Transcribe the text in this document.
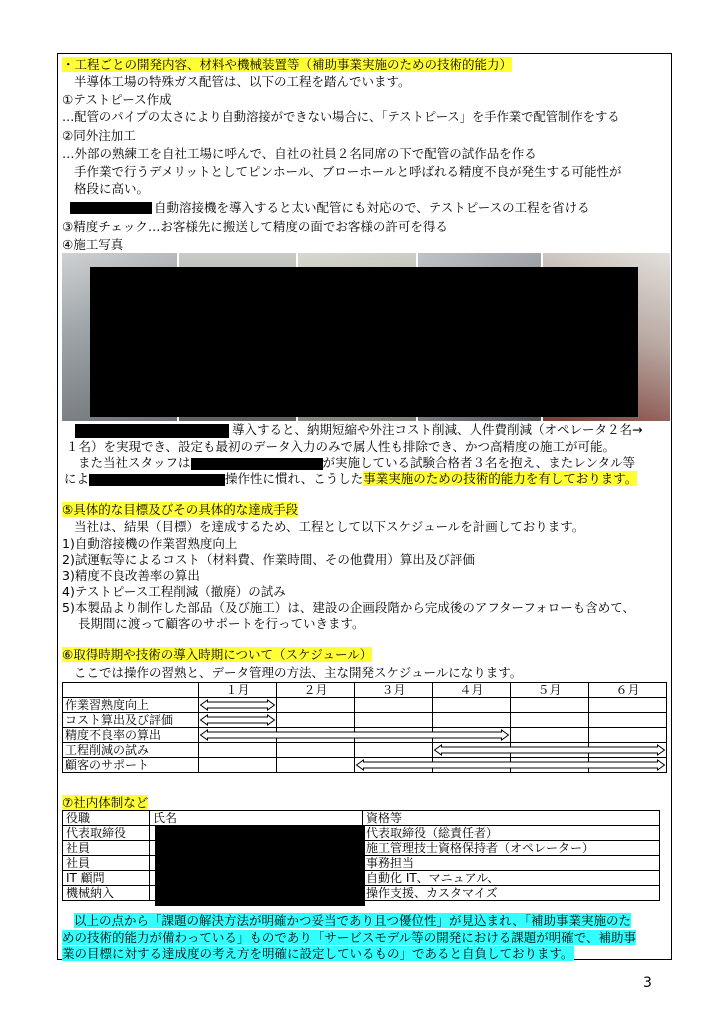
・工程ごとの開発内容、材料や機械装置等（補助事業実施のための技術的能力）
半導体工場の特殊ガス配管は、以下の工程を踏んでいます。
①テストピース作成
…配管のパイプの太さにより自動溶接ができない場合に、「テストピース」を手作業で配管制作をする
②同外注加工
…外部の熟練工を自社工場に呼んで、自社の社員２名同席の下で配管の試作品を作る
手作業で行うデメリットとしてピンホール、ブローホールと呼ばれる精度不良が発生する可能性が
格段に高い。
自動溶接機を導入すると太い配管にも対応ので、テストピースの工程を省ける
③精度チェック…お客様先に搬送して精度の面でお客様の許可を得る
④施工写真
導入すると、納期短縮や外注コスト削減、人件費削減（オペレータ２名→
１名）を実現でき、設定も最初のデータ入力のみで属人性も排除でき、かつ高精度の施工が可能。
また当社スタッフは	が実施している試験合格者３名を抱え、またレンタル等
によ	操作性に慣れ、こうした事業実施のための技術的能力を有しております。
⑤具体的な目標及びその具体的な達成手段
当社は、結果（目標）を達成するため、工程として以下スケジュールを計画しております。
1)自動溶接機の作業習熟度向上
2)試運転等によるコスト（材料費、作業時間、その他費用）算出及び評価
3)精度不良改善率の算出
4)テストピース工程削減（撤廃）の試み
5)本製品より制作した部品（及び施工）は、建設の企画段階から完成後のアフターフォローも含めて、
長期間に渡って顧客のサポートを行っていきます。
⑥取得時期や技術の導入時期について（スケジュール）
ここでは操作の習熟と、データ管理の方法、主な開発スケジュールになります。
	１月	２月	３月	４月	５月	６月
作業習熟度向上						
コスト算出及び評価						
精度不良率の算出						
工程削減の試み						
顧客のサポート						
⑦社内体制など
役職	氏名	資格等
代表取締役		代表取締役（総責任者）
社員		施工管理技士資格保持者（オペレーター）
社員		事務担当
IT 顧問		自動化 IT、マニュアル、
機械納入		操作支援、カスタマイズ
以上の点から「課題の解決方法が明確かつ妥当であり且つ優位性」が見込まれ、「補助事業実施のた
めの技術的能力が備わっている」ものであり「サービスモデル等の開発における課題が明確で、補助事
業の目標に対する達成度の考え方を明確に設定しているもの」であると自負しております。
3
